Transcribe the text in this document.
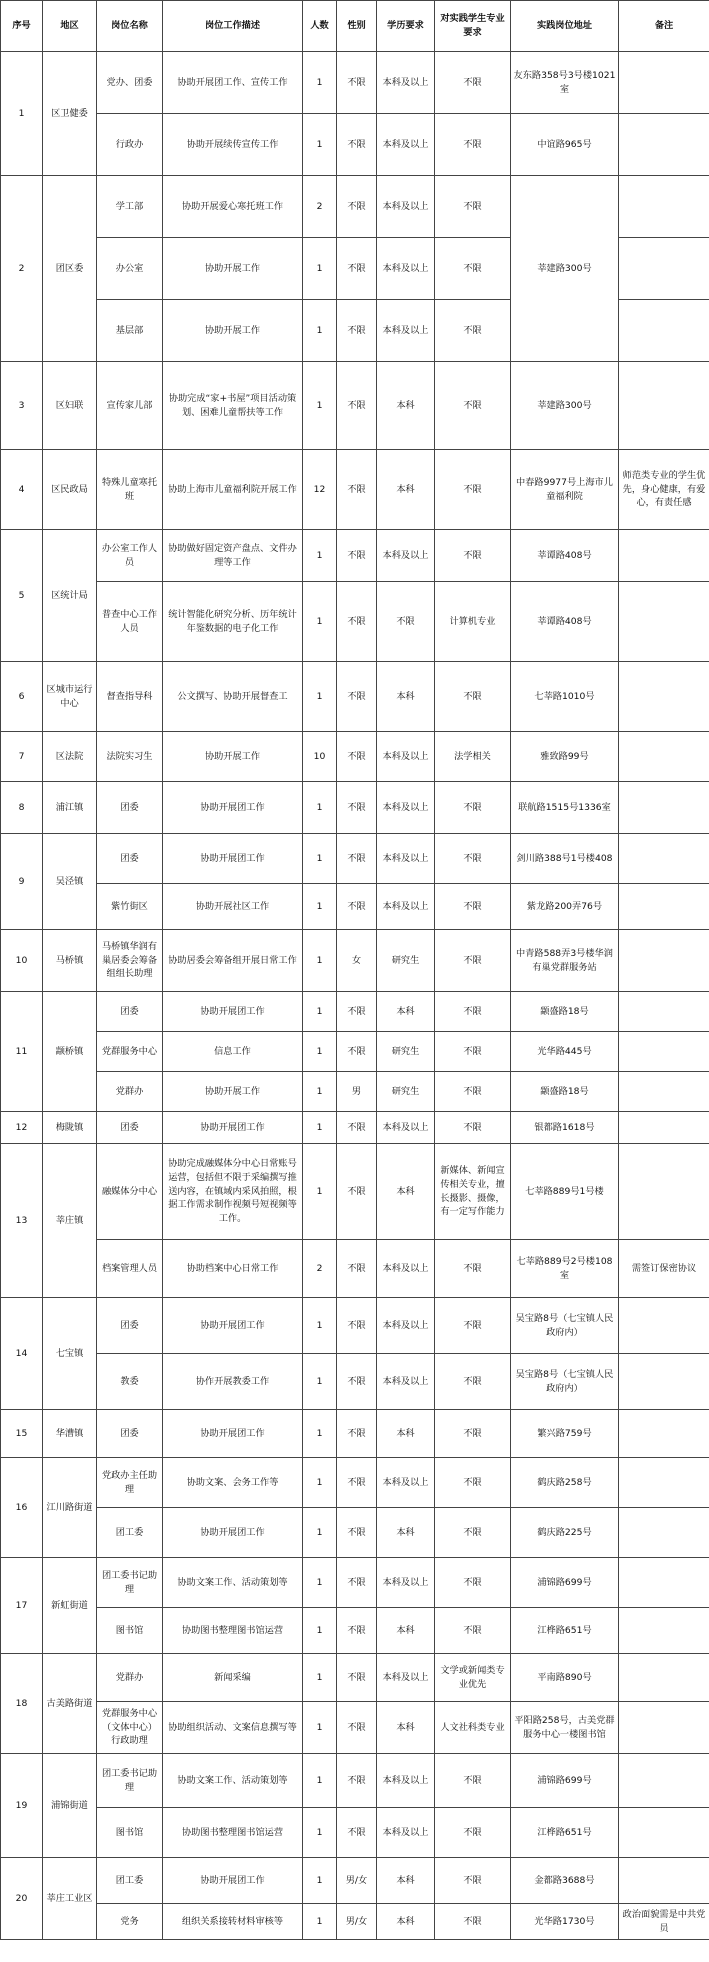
序号	地区	岗位名称	岗位工作描述	人数	性别	学历要求	对实践学生专业要求	实践岗位地址	备注
1	区卫健委	党办、团委	协助开展团工作、宣传工作	1	不限	本科及以上	不限	友东路358号3号楼1021室	
		行政办	协助开展续传宣传工作	1	不限	本科及以上	不限	中谊路965号	
2	团区委	学工部	协助开展爱心寒托班工作	2	不限	本科及以上	不限	莘建路300号	
		办公室	协助开展工作	1	不限	本科及以上	不限		
		基层部	协助开展工作	1	不限	本科及以上	不限		
3	区妇联	宣传家儿部	协助完成“家+书屋”项目活动策划、困难儿童帮扶等工作	1	不限	本科	不限	莘建路300号	
4	区民政局	特殊儿童寒托班	协助上海市儿童福利院开展工作	12	不限	本科	不限	中春路9977号上海市儿童福利院	师范类专业的学生优先，身心健康，有爱心，有责任感
5	区统计局	办公室工作人员	协助做好固定资产盘点、文件办理等工作	1	不限	本科及以上	不限	莘谭路408号	
		普查中心工作人员	统计智能化研究分析、历年统计年鉴数据的电子化工作	1	不限	不限	计算机专业	莘谭路408号	
6	区城市运行中心	督查指导科	公文撰写、协助开展督查工	1	不限	本科	不限	七莘路1010号	
7	区法院	法院实习生	协助开展工作	10	不限	本科及以上	法学相关	雅致路99号	
8	浦江镇	团委	协助开展团工作	1	不限	本科及以上	不限	联航路1515号1336室	
9	吴泾镇	团委	协助开展团工作	1	不限	本科及以上	不限	剑川路388号1号楼408	
		紫竹街区	协助开展社区工作	1	不限	本科及以上	不限	紫龙路200弄76号	
10	马桥镇	马桥镇华润有巢居委会筹备组组长助理	协助居委会筹备组开展日常工作	1	女	研究生	不限	中青路588弄3号楼华润有巢党群服务站	
11	颛桥镇	团委	协助开展团工作	1	不限	本科	不限	颛盛路18号	
		党群服务中心	信息工作	1	不限	研究生	不限	光华路445号	
		党群办	协助开展工作	1	男	研究生	不限	颛盛路18号	
12	梅陇镇	团委	协助开展团工作	1	不限	本科及以上	不限	银都路1618号	
13	莘庄镇	融媒体分中心	协助完成融媒体分中心日常账号运营，包括但不限于采编撰写推送内容，在镇域内采风拍照，根据工作需求制作视频号短视频等工作。	1	不限	本科	新媒体、新闻宣传相关专业，擅长摄影、摄像，有一定写作能力	七莘路889号1号楼	
		档案管理人员	协助档案中心日常工作	2	不限	本科及以上	不限	七莘路889号2号楼108室	需签订保密协议
14	七宝镇	团委	协助开展团工作	1	不限	本科及以上	不限	吴宝路8号（七宝镇人民政府内）	
		教委	协作开展教委工作	1	不限	本科及以上	不限	吴宝路8号（七宝镇人民政府内）	
15	华漕镇	团委	协助开展团工作	1	不限	本科	不限	繁兴路759号	
16	江川路街道	党政办主任助理	协助文案、会务工作等	1	不限	本科及以上	不限	鹤庆路258号	
		团工委	协助开展团工作	1	不限	本科	不限	鹤庆路225号	
17	新虹街道	团工委书记助理	协助文案工作、活动策划等	1	不限	本科及以上	不限	浦锦路699号	
		图书馆	协助图书整理图书馆运营	1	不限	本科	不限	江桦路651号	
18	古美路街道	党群办	新闻采编	1	不限	本科及以上	文学或新闻类专业优先	平南路890号	
		党群服务中心（文体中心）行政助理	协助组织活动、文案信息撰写等	1	不限	本科	人文社科类专业	平阳路258号，古美党群服务中心一楼图书馆	
19	浦锦街道	团工委书记助理	协助文案工作、活动策划等	1	不限	本科及以上	不限	浦锦路699号	
		图书馆	协助图书整理图书馆运营	1	不限	本科及以上	不限	江桦路651号	
20	莘庄工业区	团工委	协助开展团工作	1	男/女	本科	不限	金都路3688号	
		党务	组织关系接转材料审核等	1	男/女	本科	不限	光华路1730号	政治面貌需是中共党员
